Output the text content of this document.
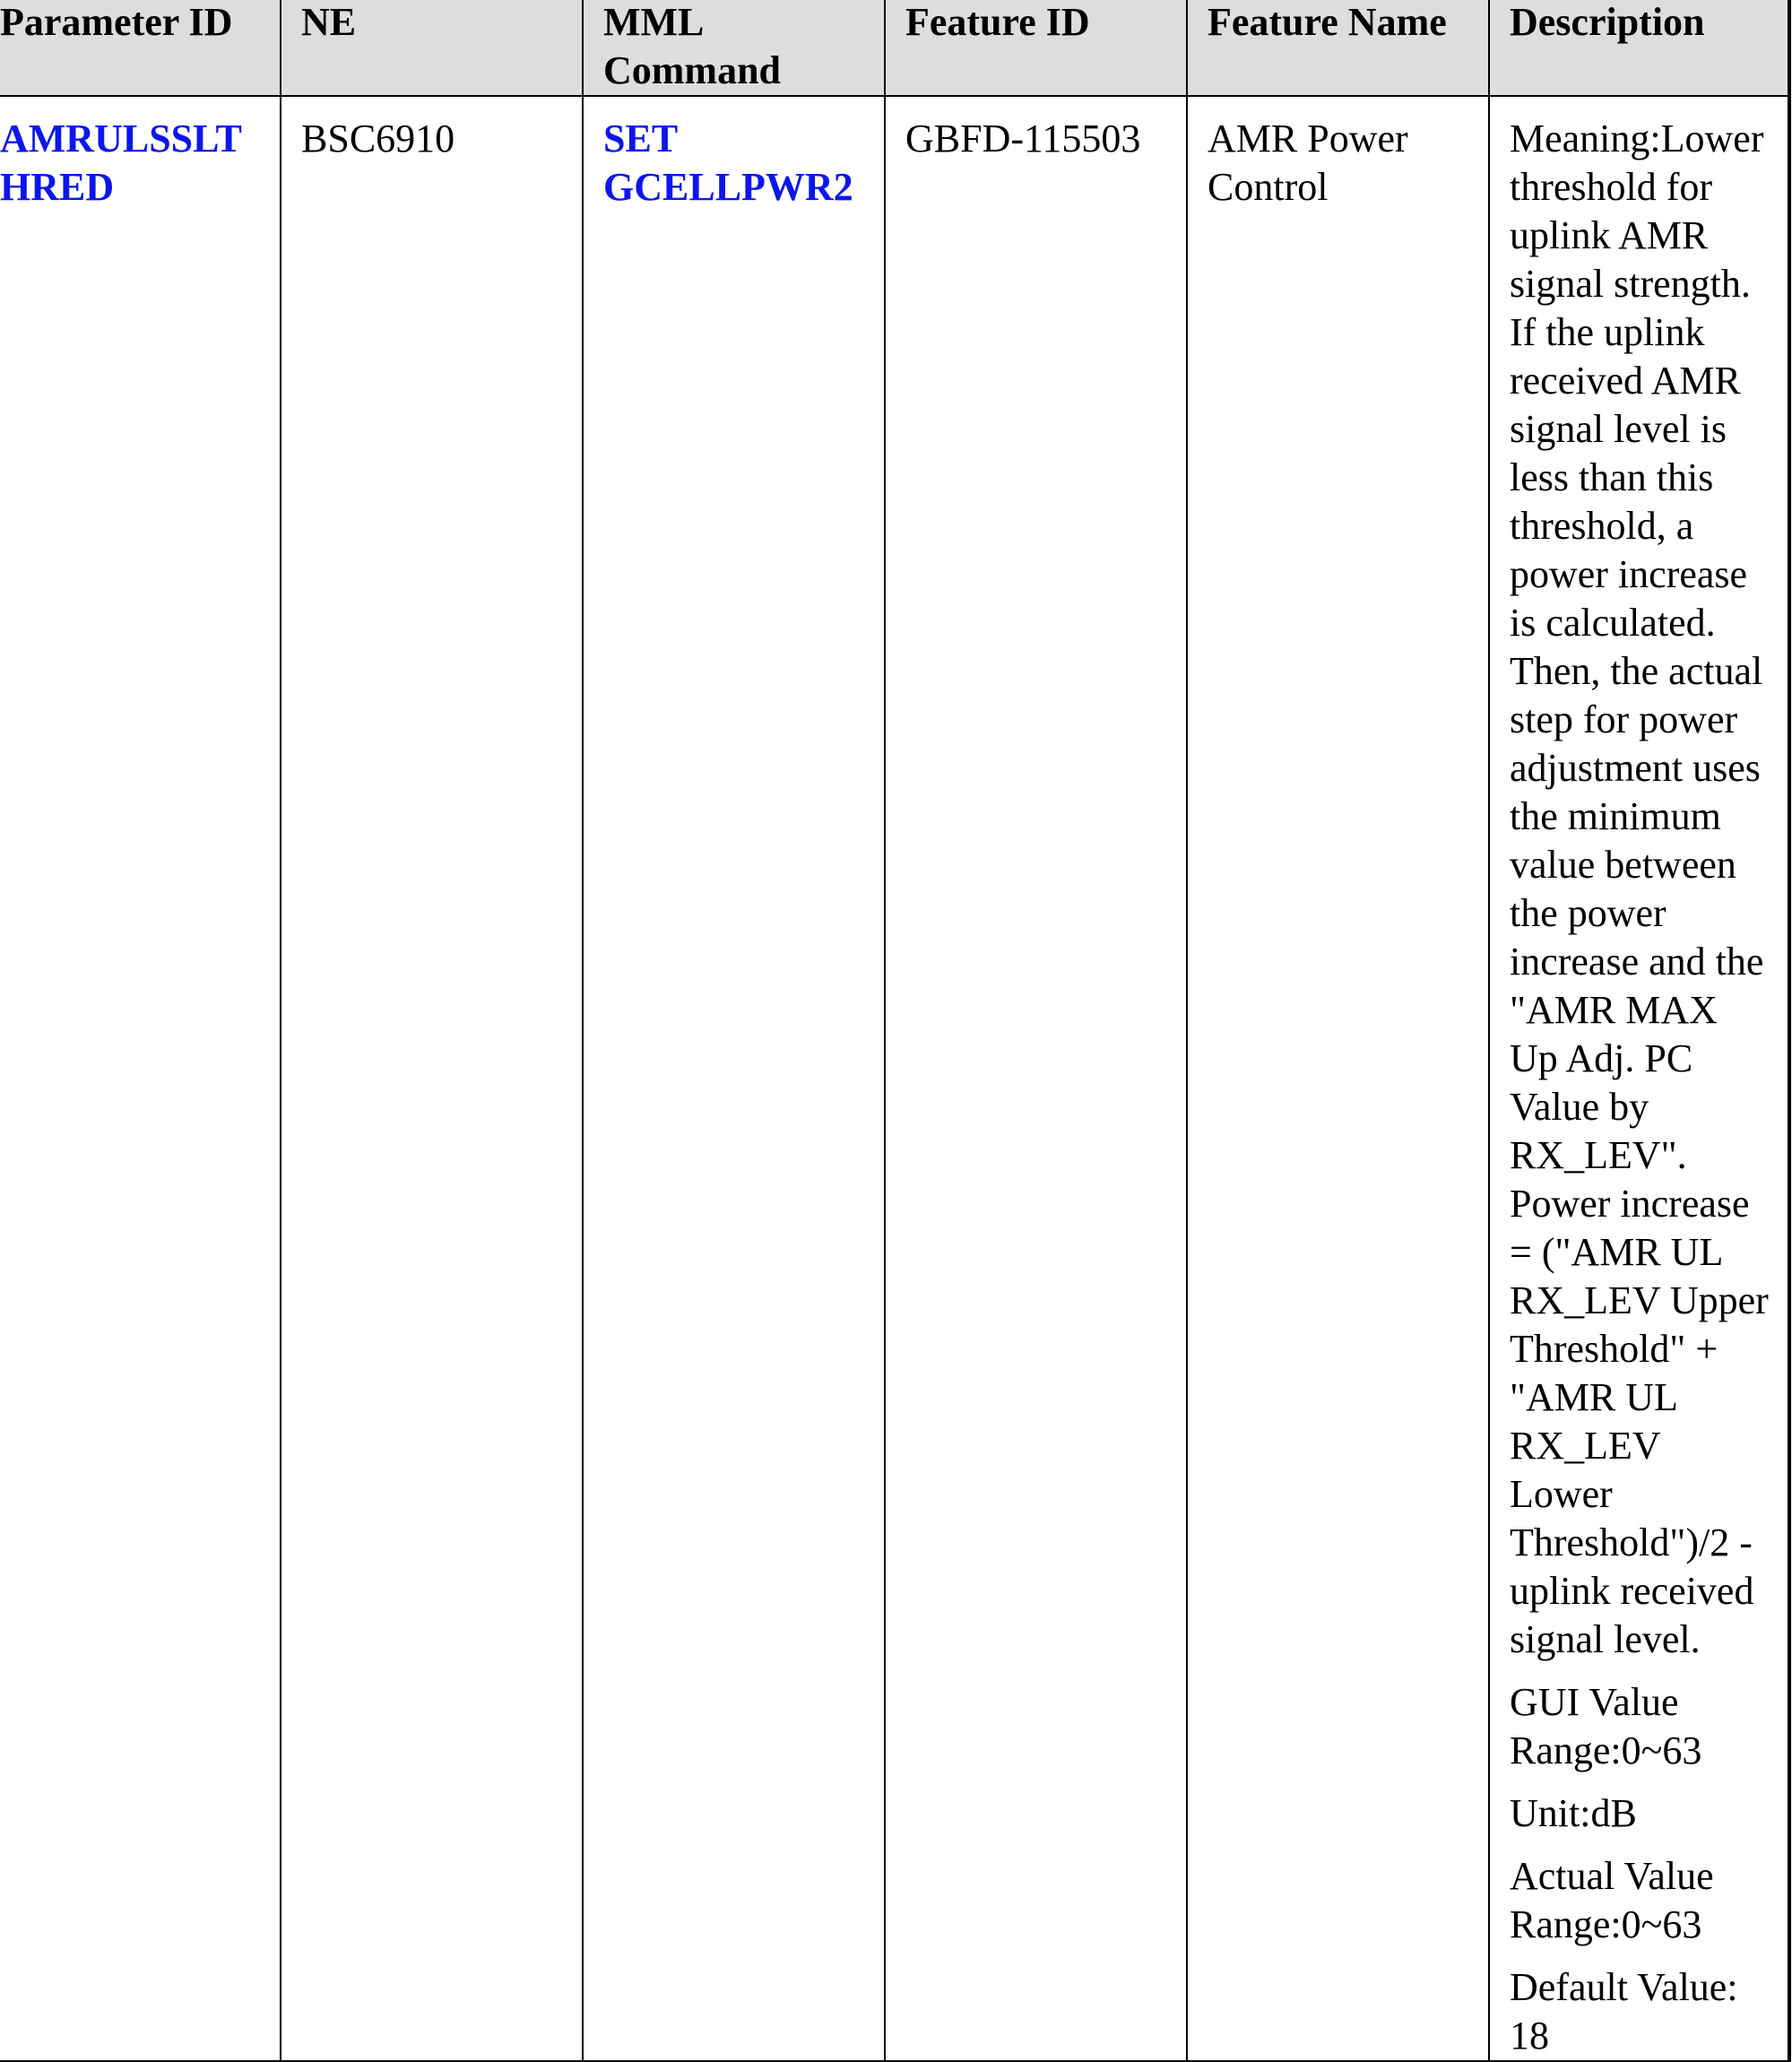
Parameter ID	NE	MML Command	Feature ID	Feature Name	Description
AMRULSSLTHRED	BSC6910	SET GCELLPWR2	GBFD-115503	AMR Power Control	Meaning:Lower threshold for uplink AMR signal strength. If the uplink received AMR signal level is less than this threshold, a power increase is calculated. Then, the actual step for power adjustment uses the minimum value between the power increase and the "AMR MAX Up Adj. PC Value by RX_LEV". Power increase = ("AMR UL RX_LEV Upper Threshold" + "AMR UL RX_LEV Lower Threshold")/2 - uplink received signal level.

GUI Value Range:0~63

Unit:dB

Actual Value Range:0~63

Default Value: 18
